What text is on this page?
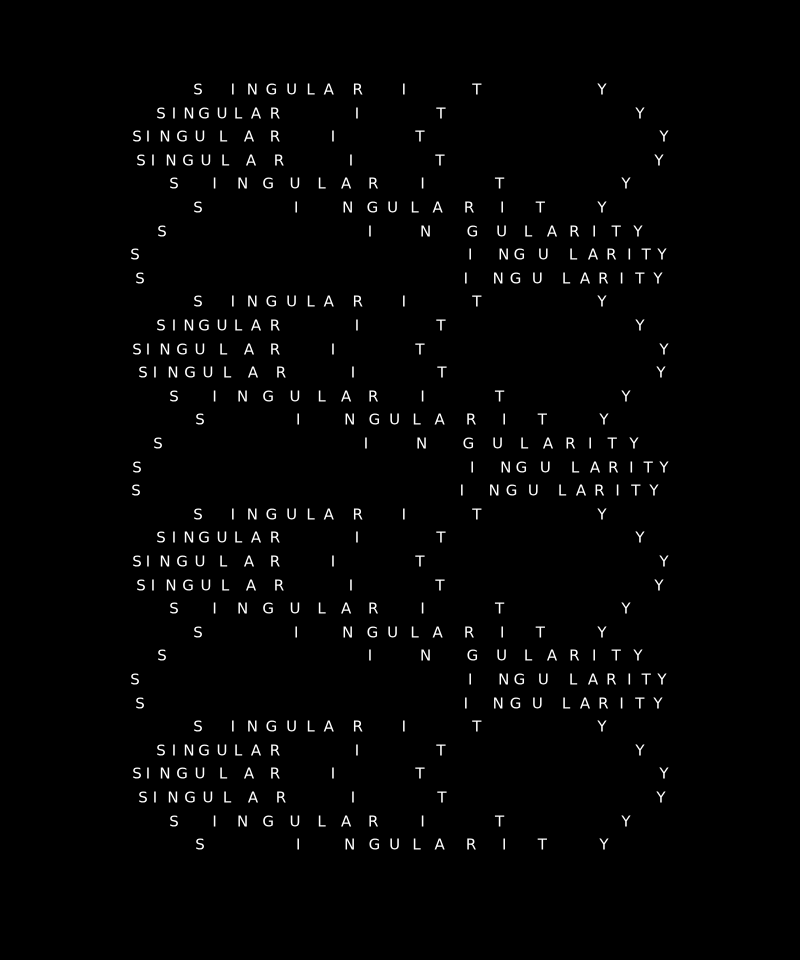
S I N G U L A R	I	T	Y
S I N G U L A R	I	T	Y
S I N G U L A R	I	T	Y
S I N G U L A R	I	T	Y
S I N G U L A R	I	T	Y
S	I	N G U L A R I T	Y
S	I	N G U L A R I T Y
S	I N G U L A R I T Y
S	I N G U L A R I T Y
S I N G U L A R	I	T	Y
S I N G U L A R	I	T	Y
S I N G U L A R	I	T	Y
S I N G U L A R	I	T	Y
S I N G U L A R	I	T	Y
S	I	N G U L A R I T	Y
S	I	N G U L A R I T Y
S	I N G U L A R I T Y
S	I N G U L A R I T Y
S I N G U L A R	I	T	Y
S I N G U L A R	I	T	Y
S I N G U L A R	I	T	Y
S I N G U L A R	I	T	Y
S I N G U L A R	I	T	Y
S	I	N G U L A R I T	Y
S	I	N G U L A R I T Y
S	I N G U L A R I T Y
S	I N G U L A R I T Y
S I N G U L A R	I	T	Y
S I N G U L A R	I	T	Y
S I N G U L A R	I	T	Y
S I N G U L A R	I	T	Y
S I N G U L A R	I	T	Y
S	I	N G U L A R I T	Y
